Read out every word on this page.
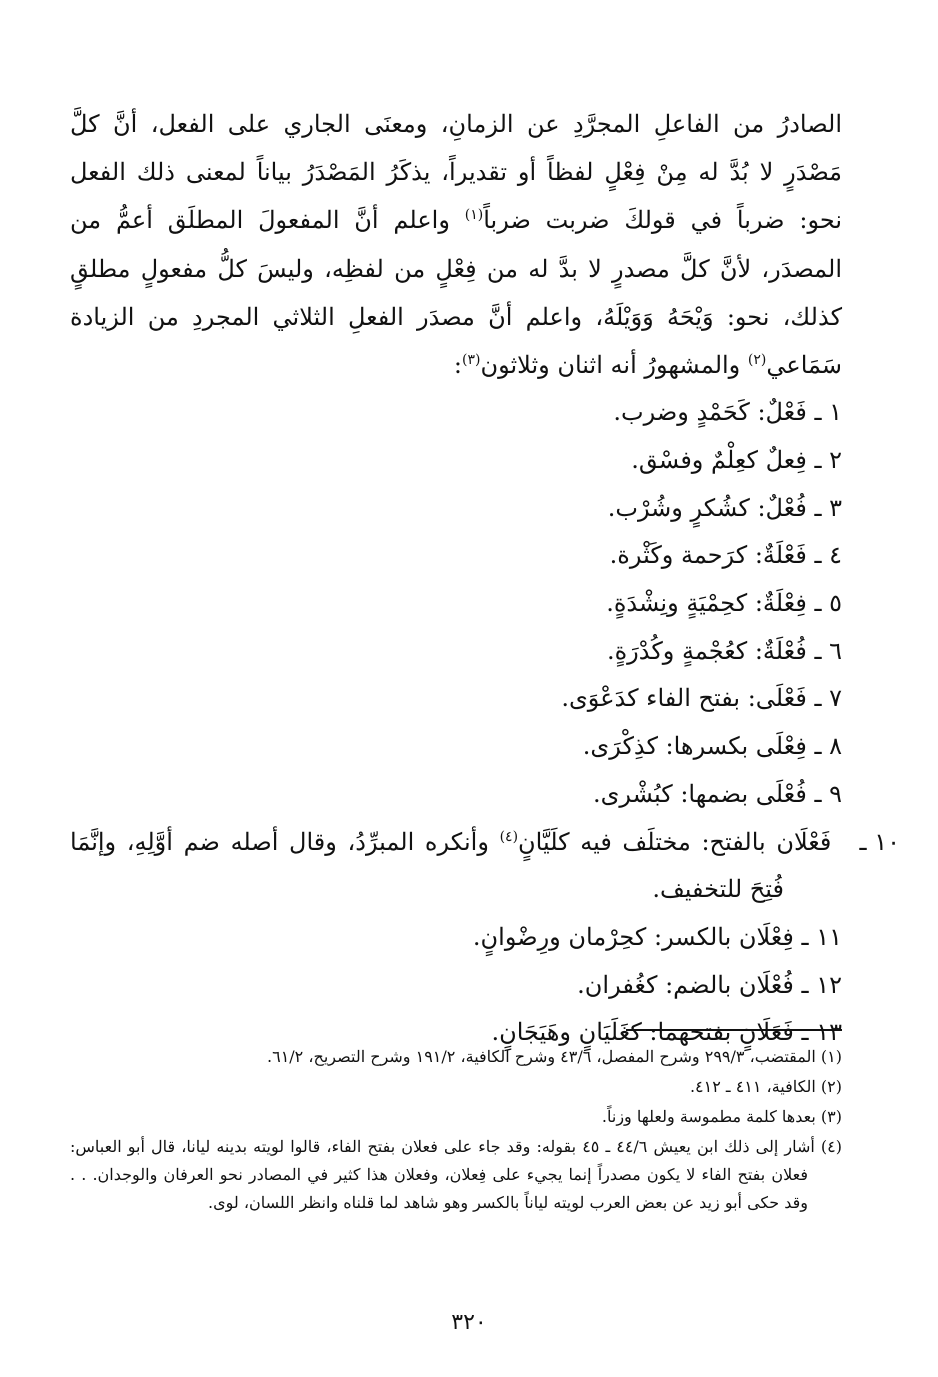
الصادرُ من الفاعلِ المجرَّدِ عن الزمانِ، ومعنَى الجاري على الفعل، أنَّ كلَّ مَصْدَرٍ لا بُدَّ له مِنْ فِعْلٍ لفظاً أو تقديراً، يذكَرُ المَصْدَرُ بياناً لمعنى ذلك الفعل نحو: ضرباً في قولكَ ضربت ضرباً$^{(١)}$ واعلم أنَّ المفعولَ المطلَق أعمُّ من المصدَر، لأنَّ كلَّ مصدرٍ لا بدَّ له من فِعْلٍ من لفظِه، وليسَ كلُّ مفعولٍ مطلقٍ كذلك، نحو: وَيْحَهُ وَوَيْلَهُ، واعلم أنَّ مصدَر الفعلِ الثلاثي المجردِ من الزيادة سَمَاعي$^{(٢)}$ والمشهورُ أنه اثنان وثلاثون$^{(٣)}$:

١ ـ فَعْلٌ: كَحَمْدٍ وضرب.
٢ ـ فِعلٌ كعِلْمٌ وفسْق.
٣ ـ فُعْلٌ: كشُكرٍ وشُرْب.
٤ ـ فَعْلَةٌ: كرَحمة وكَثْرة.
٥ ـ فِعْلَةٌ: كحِمْيَةٍ ونِشْدَةٍ.
٦ ـ فُعْلَةٌ: كعُجْمةٍ وكُدْرَةٍ.
٧ ـ فَعْلَى: بفتح الفاء كدَعْوَى.
٨ ـ فِعْلَى بكسرها: كذِكْرَى.
٩ ـ فُعْلَى بضمها: كبُشْرى.
١٠ ـ فَعْلَان بالفتح: مختلَف فيه كلَيَّانٍ$^{(٤)}$ وأنكره المبرِّدُ، وقال أصله ضم أوَّلِهِ، وإنَّمَا فُتِحَ للتخفيف.
١١ ـ فِعْلَان بالكسر: كحِرْمان ورِضْوانٍ.
١٢ ـ فُعْلَان بالضم: كغُفران.
١٣ ـ فَعَلَانٍ بفتحهما: كغَلَيَانٍ وهَيَجَانٍ.
(١) المقتضب، ٢٩٩/٣ وشرح المفصل، ٤٣/٦ وشرح الكافية، ١٩١/٢ وشرح التصريح، ٦١/٢.
(٢) الكافية، ٤١١ ـ ٤١٢.
(٣) بعدها كلمة مطموسة ولعلها وزناً.
(٤) أشار إلى ذلك ابن يعيش ٤٤/٦ ـ ٤٥ بقوله: وقد جاء على فعلان بفتح الفاء، قالوا لويته بدينه ليانا، قال أبو العباس: فعلان بفتح الفاء لا يكون مصدراً إنما يجيء على فِعلان، وفعلان هذا كثير في المصادر نحو العرفان والوجدان. . . وقد حكى أبو زيد عن بعض العرب لويته لياناً بالكسر وهو شاهد لما قلناه وانظر اللسان، لوى.
٣٢٠
